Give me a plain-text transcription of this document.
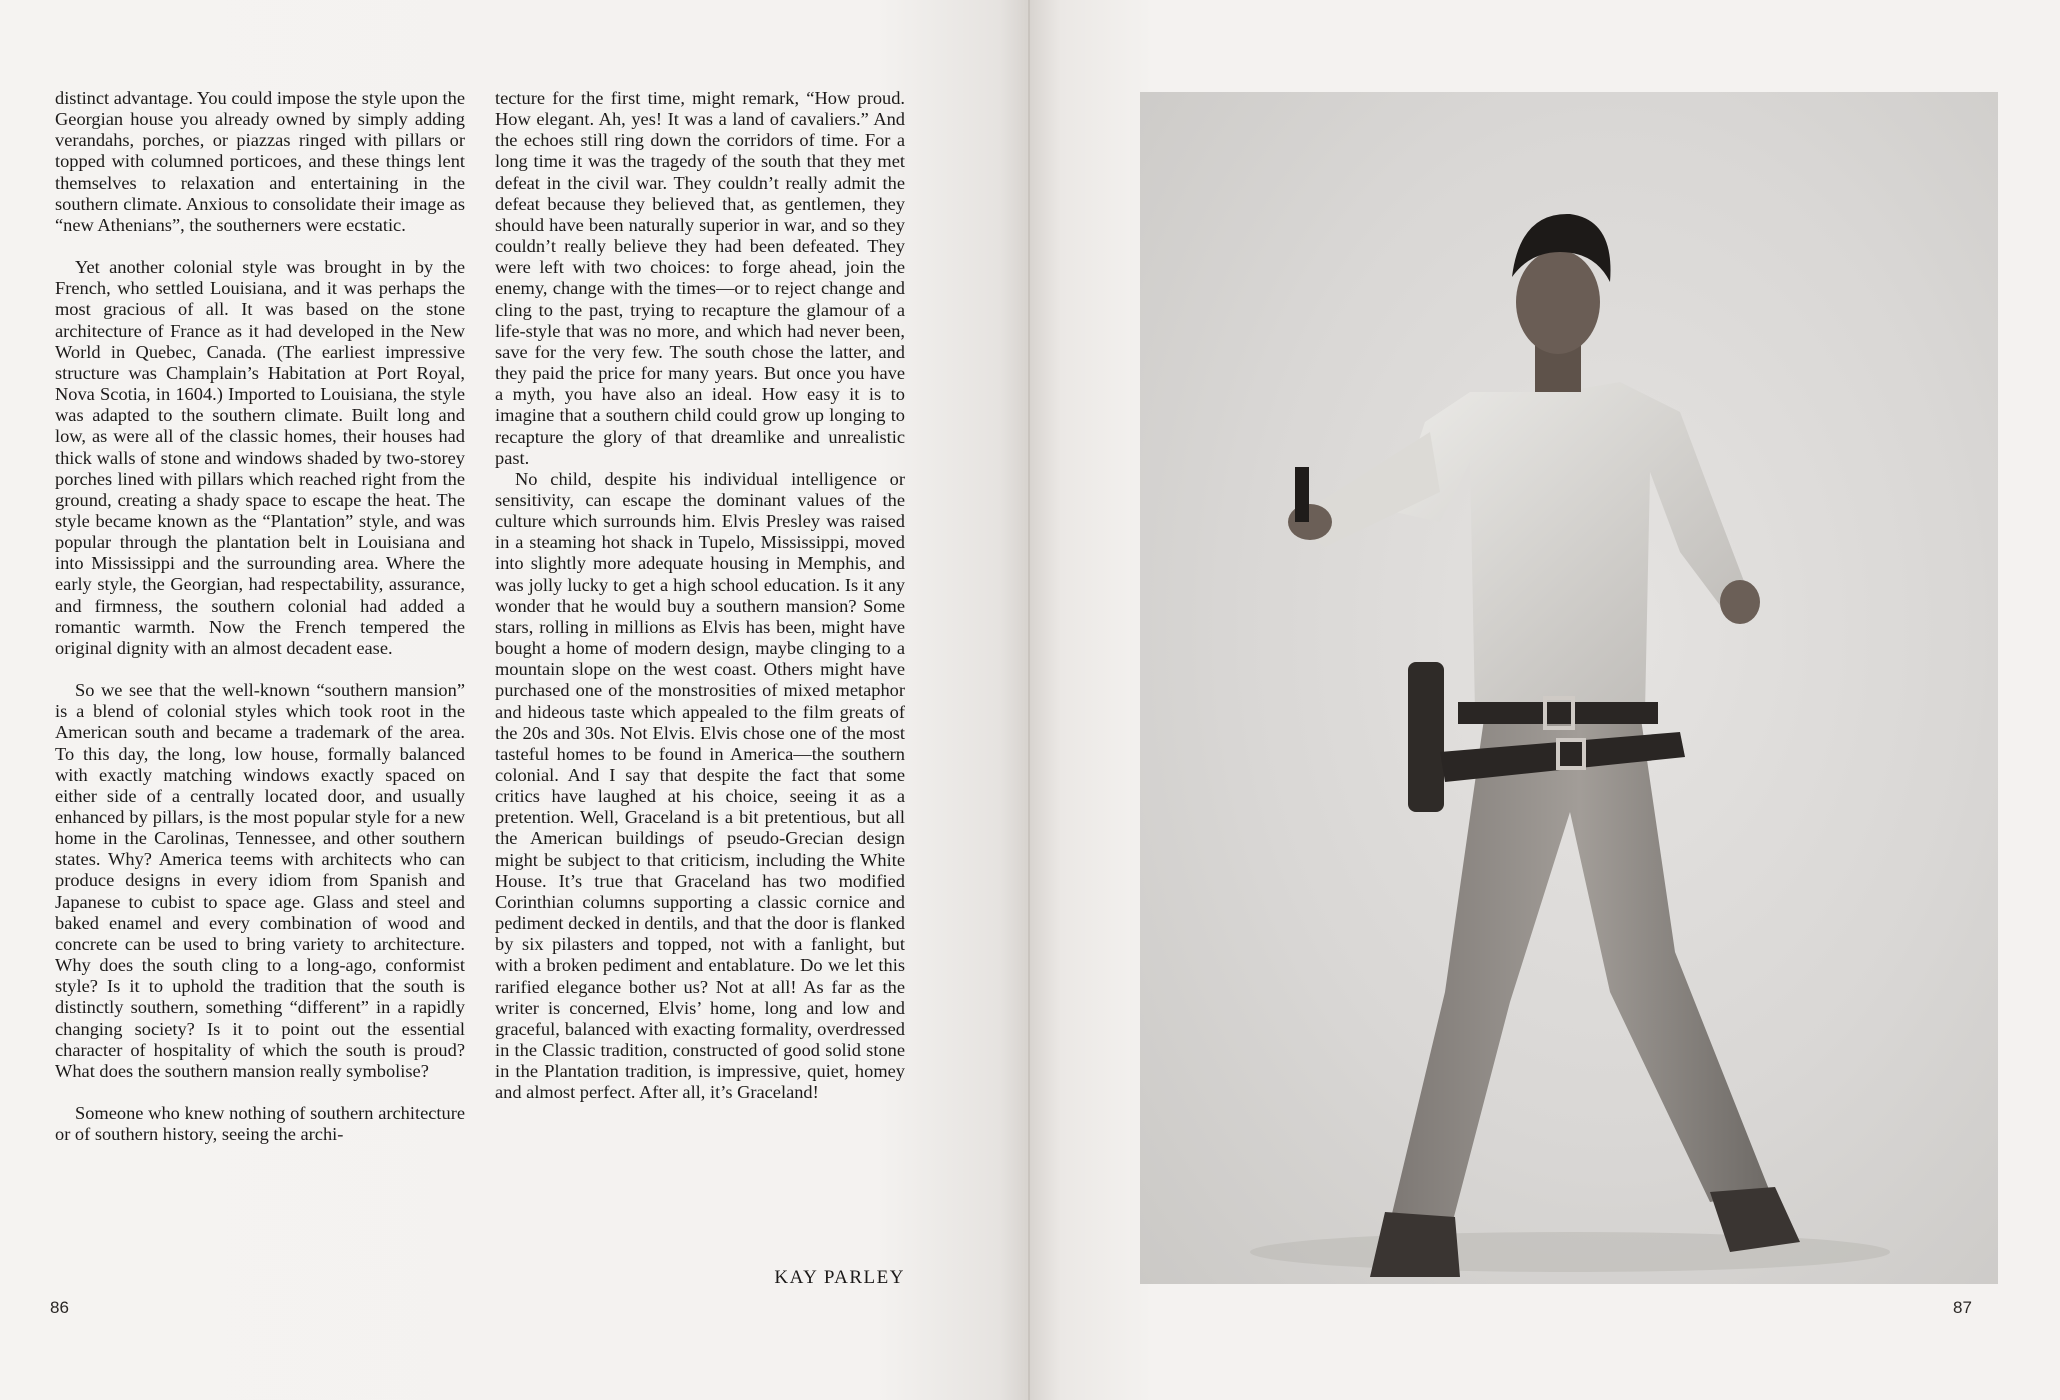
distinct advantage. You could impose the style upon the Georgian house you already owned by simply adding verandahs, porches, or piazzas ringed with pillars or topped with columned porticoes, and these things lent themselves to relaxation and entertaining in the southern climate. Anxious to consolidate their image as “new Athenians”, the southerners were ecstatic.

Yet another colonial style was brought in by the French, who settled Louisiana, and it was perhaps the most gracious of all. It was based on the stone architecture of France as it had developed in the New World in Quebec, Canada. (The earliest impressive structure was Champlain’s Habitation at Port Royal, Nova Scotia, in 1604.) Imported to Louisiana, the style was adapted to the southern climate. Built long and low, as were all of the classic homes, their houses had thick walls of stone and windows shaded by two-storey porches lined with pillars which reached right from the ground, creating a shady space to escape the heat. The style became known as the “Plantation” style, and was popular through the plantation belt in Louisiana and into Mississippi and the surrounding area. Where the early style, the Georgian, had respectability, assurance, and firmness, the southern colonial had added a romantic warmth. Now the French tempered the original dignity with an almost decadent ease.

So we see that the well-known “southern mansion” is a blend of colonial styles which took root in the American south and became a trademark of the area. To this day, the long, low house, formally balanced with exactly matching windows exactly spaced on either side of a centrally located door, and usually enhanced by pillars, is the most popular style for a new home in the Carolinas, Tennessee, and other southern states. Why? America teems with architects who can produce designs in every idiom from Spanish and Japanese to cubist to space age. Glass and steel and baked enamel and every combination of wood and concrete can be used to bring variety to architecture. Why does the south cling to a long-ago, conformist style? Is it to uphold the tradition that the south is distinctly southern, something “different” in a rapidly changing society? Is it to point out the essential character of hospitality of which the south is proud? What does the southern mansion really symbolise?

Someone who knew nothing of southern architecture or of southern history, seeing the archi-

tecture for the first time, might remark, “How proud. How elegant. Ah, yes! It was a land of cavaliers.” And the echoes still ring down the corridors of time. For a long time it was the tragedy of the south that they met defeat in the civil war. They couldn’t really admit the defeat because they believed that, as gentlemen, they should have been naturally superior in war, and so they couldn’t really believe they had been defeated. They were left with two choices: to forge ahead, join the enemy, change with the times—or to reject change and cling to the past, trying to recapture the glamour of a life-style that was no more, and which had never been, save for the very few. The south chose the latter, and they paid the price for many years. But once you have a myth, you have also an ideal. How easy it is to imagine that a southern child could grow up longing to recapture the glory of that dreamlike and unrealistic past.

No child, despite his individual intelligence or sensitivity, can escape the dominant values of the culture which surrounds him. Elvis Presley was raised in a steaming hot shack in Tupelo, Mississippi, moved into slightly more adequate housing in Memphis, and was jolly lucky to get a high school education. Is it any wonder that he would buy a southern mansion? Some stars, rolling in millions as Elvis has been, might have bought a home of modern design, maybe clinging to a mountain slope on the west coast. Others might have purchased one of the monstrosities of mixed metaphor and hideous taste which appealed to the film greats of the 20s and 30s. Not Elvis. Elvis chose one of the most tasteful homes to be found in America—the southern colonial. And I say that despite the fact that some critics have laughed at his choice, seeing it as a pretention. Well, Graceland is a bit pretentious, but all the American buildings of pseudo-Grecian design might be subject to that criticism, including the White House. It’s true that Graceland has two modified Corinthian columns supporting a classic cornice and pediment decked in dentils, and that the door is flanked by six pilasters and topped, not with a fanlight, but with a broken pediment and entablature. Do we let this rarified elegance bother us? Not at all! As far as the writer is concerned, Elvis’ home, long and low and graceful, balanced with exacting formality, overdressed in the Classic tradition, constructed of good solid stone in the Plantation tradition, is impressive, quiet, homey and almost perfect. After all, it’s Graceland!

KAY PARLEY
86	87
